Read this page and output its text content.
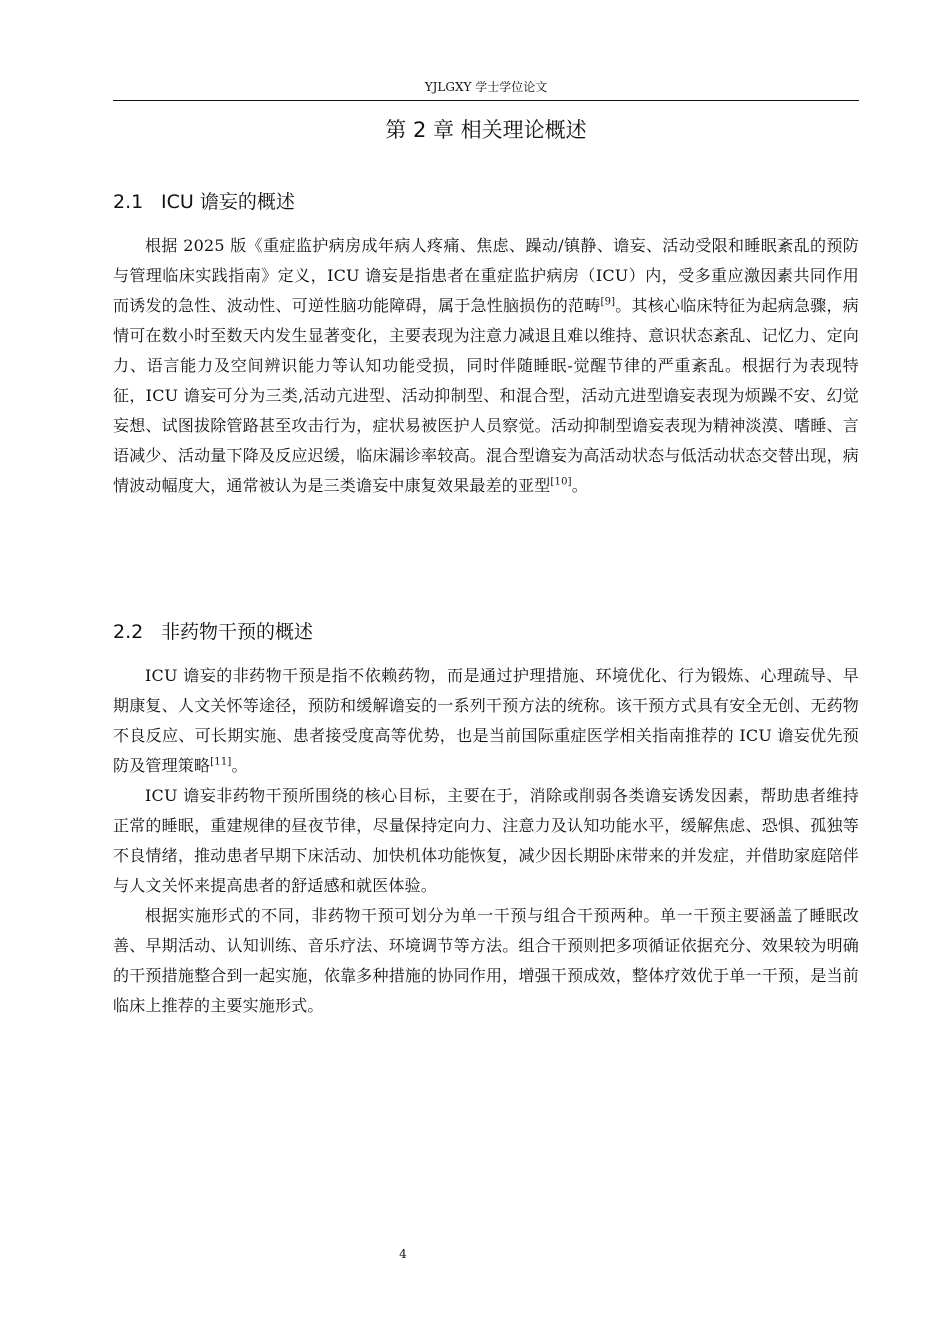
YJLGXY 学士学位论文
第 2 章 相关理论概述
2.1 ICU 谵妄的概述

根据 2025 版《重症监护病房成年病人疼痛、焦虑、躁动/镇静、谵妄、活动受限和睡眠紊乱的预防与管理临床实践指南》定义，ICU 谵妄是指患者在重症监护病房（ICU）内，受多重应激因素共同作用而诱发的急性、波动性、可逆性脑功能障碍，属于急性脑损伤的范畴[9]。其核心临床特征为起病急骤，病情可在数小时至数天内发生显著变化，主要表现为注意力减退且难以维持、意识状态紊乱、记忆力、定向力、语言能力及空间辨识能力等认知功能受损，同时伴随睡眠-觉醒节律的严重紊乱。根据行为表现特征，ICU 谵妄可分为三类,活动亢进型、活动抑制型、和混合型，活动亢进型谵妄表现为烦躁不安、幻觉妄想、试图拔除管路甚至攻击行为，症状易被医护人员察觉。活动抑制型谵妄表现为精神淡漠、嗜睡、言语减少、活动量下降及反应迟缓，临床漏诊率较高。混合型谵妄为高活动状态与低活动状态交替出现，病情波动幅度大，通常被认为是三类谵妄中康复效果最差的亚型[10]。

2.2 非药物干预的概述

ICU 谵妄的非药物干预是指不依赖药物，而是通过护理措施、环境优化、行为锻炼、心理疏导、早期康复、人文关怀等途径，预防和缓解谵妄的一系列干预方法的统称。该干预方式具有安全无创、无药物不良反应、可长期实施、患者接受度高等优势，也是当前国际重症医学相关指南推荐的 ICU 谵妄优先预防及管理策略[11]。

ICU 谵妄非药物干预所围绕的核心目标，主要在于，消除或削弱各类谵妄诱发因素，帮助患者维持正常的睡眠，重建规律的昼夜节律，尽量保持定向力、注意力及认知功能水平，缓解焦虑、恐惧、孤独等不良情绪，推动患者早期下床活动、加快机体功能恢复，减少因长期卧床带来的并发症，并借助家庭陪伴与人文关怀来提高患者的舒适感和就医体验。

根据实施形式的不同，非药物干预可划分为单一干预与组合干预两种。单一干预主要涵盖了睡眠改善、早期活动、认知训练、音乐疗法、环境调节等方法。组合干预则把多项循证依据充分、效果较为明确的干预措施整合到一起实施，依靠多种措施的协同作用，增强干预成效，整体疗效优于单一干预，是当前临床上推荐的主要实施形式。

4
